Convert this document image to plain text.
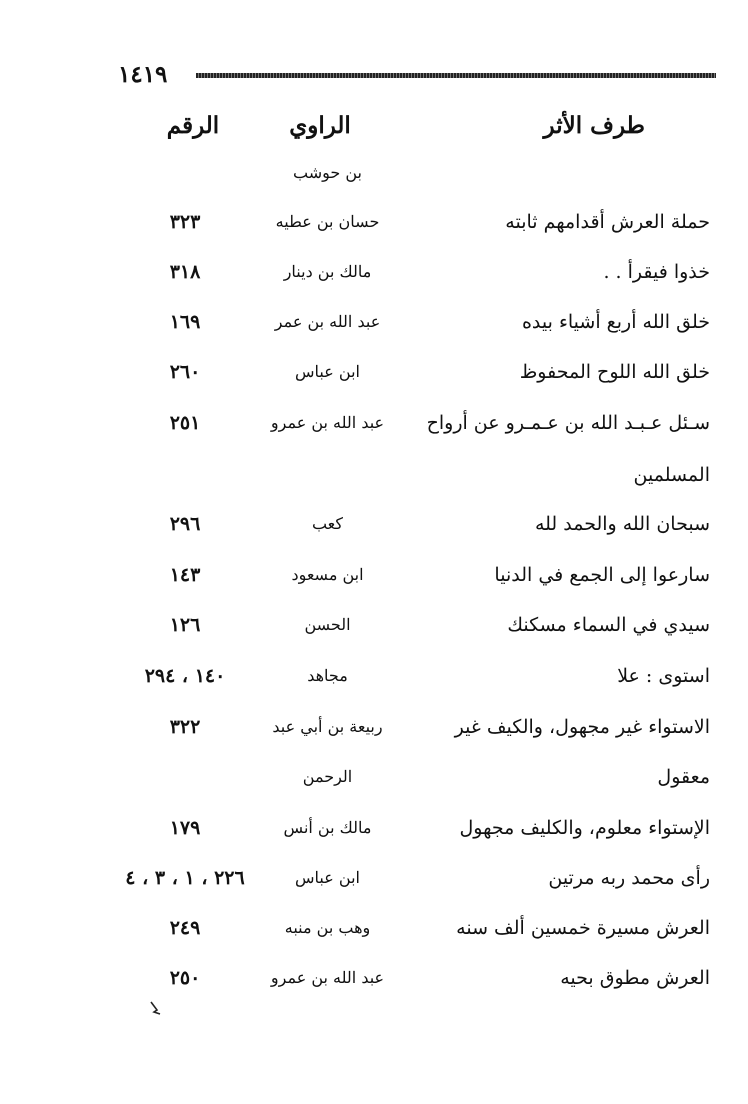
١٤١٩
طرف الأثر
الراوي
الرقم
بن حوشب
حملة العرش أقدامهم ثابته
حسان بن عطيه
٣٢٣
خذوا فيقرأ . .
مالك بن دينار
٣١٨
خلق الله أربع أشياء بيده
عبد الله بن عمر
١٦٩
خلق الله اللوح المحفوظ
ابن عباس
٢٦٠
سـئل عـبـد الله بن عـمـرو عن أرواح
عبد الله بن عمرو
٢٥١
المسلمين
سبحان الله والحمد لله
كعب
٢٩٦
سارعوا إلى الجمع في الدنيا
ابن مسعود
١٤٣
سيدي في السماء مسكنك
الحسن
١٢٦
استوى : علا
مجاهد
١٤٠ ، ٢٩٤
الاستواء غير مجهول، والكيف غير
ربيعة بن أبي عبد
٣٢٢
معقول
الرحمن
الإستواء معلوم، والكليف مجهول
مالك بن أنس
١٧٩
رأى محمد ربه مرتين
ابن عباس
٢٢٦ ، ١ ، ٣ ، ٤
العرش مسيرة خمسين ألف سنه
وهب بن منبه
٢٤٩
العرش مطوق بحيه
عبد الله بن عمرو
٢٥٠
